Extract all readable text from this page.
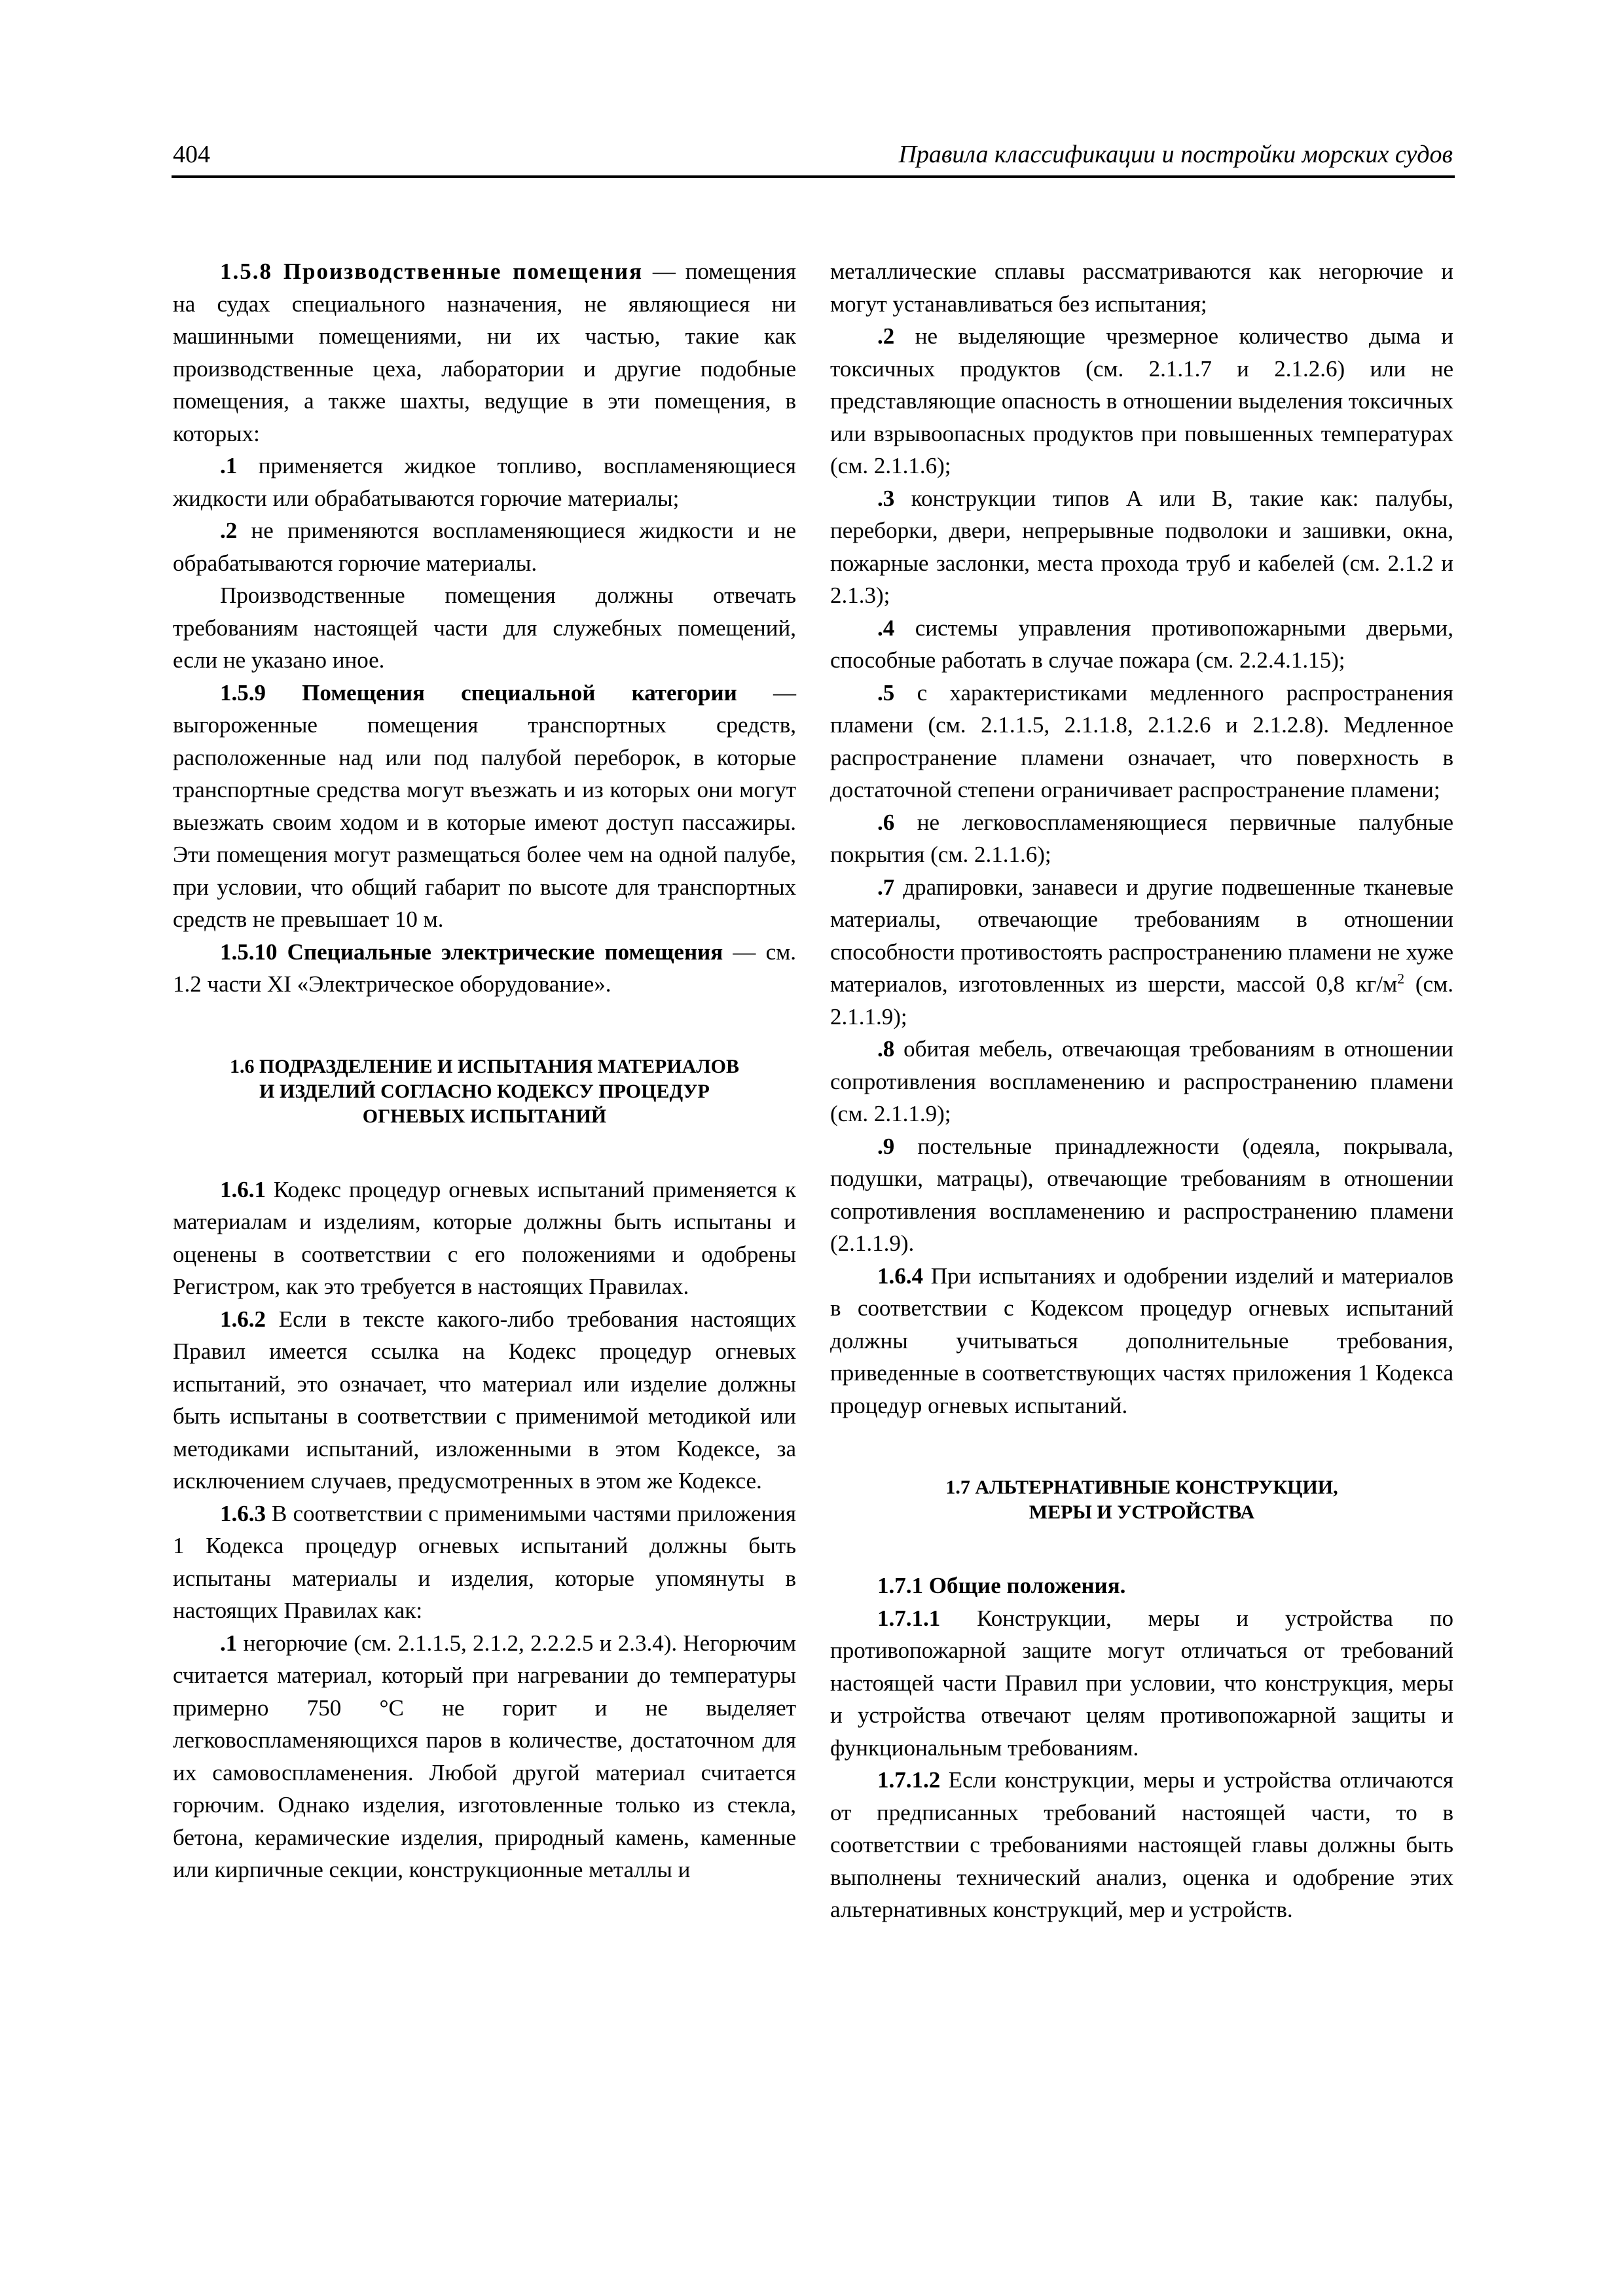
404	Правила классификации и постройки морских судов

1.5.8 Производственные помещения — помещения на судах специального назначения, не являющиеся ни машинными помещениями, ни их частью, такие как производственные цеха, лаборатории и другие подобные помещения, а также шахты, ведущие в эти помещения, в которых:

.1 применяется жидкое топливо, воспламеняющиеся жидкости или обрабатываются горючие материалы;

.2 не применяются воспламеняющиеся жидкости и не обрабатываются горючие материалы.

Производственные помещения должны отвечать требованиям настоящей части для служебных помещений, если не указано иное.

1.5.9 Помещения специальной категории — выгороженные помещения транспортных средств, расположенные над или под палубой переборок, в которые транспортные средства могут въезжать и из которых они могут выезжать своим ходом и в которые имеют доступ пассажиры. Эти помещения могут размещаться более чем на одной палубе, при условии, что общий габарит по высоте для транспортных средств не превышает 10 м.

1.5.10 Специальные электрические помещения — см. 1.2 части XI «Электрическое оборудование».

1.6 ПОДРАЗДЕЛЕНИЕ И ИСПЫТАНИЯ МАТЕРИАЛОВ
И ИЗДЕЛИЙ СОГЛАСНО КОДЕКСУ ПРОЦЕДУР
ОГНЕВЫХ ИСПЫТАНИЙ

1.6.1 Кодекс процедур огневых испытаний применяется к материалам и изделиям, которые должны быть испытаны и оценены в соответствии с его положениями и одобрены Регистром, как это требуется в настоящих Правилах.

1.6.2 Если в тексте какого-либо требования настоящих Правил имеется ссылка на Кодекс процедур огневых испытаний, это означает, что материал или изделие должны быть испытаны в соответствии с применимой методикой или методиками испытаний, изложенными в этом Кодексе, за исключением случаев, предусмотренных в этом же Кодексе.

1.6.3 В соответствии с применимыми частями приложения 1 Кодекса процедур огневых испытаний должны быть испытаны материалы и изделия, которые упомянуты в настоящих Правилах как:

.1 негорючие (см. 2.1.1.5, 2.1.2, 2.2.2.5 и 2.3.4). Негорючим считается материал, который при нагревании до температуры примерно 750 °С не горит и не выделяет легковоспламеняющихся паров в количестве, достаточном для их самовоспламенения. Любой другой материал считается горючим. Однако изделия, изготовленные только из стекла, бетона, керамические изделия, природный камень, каменные или кирпичные секции, конструкционные металлы и

металлические сплавы рассматриваются как негорючие и могут устанавливаться без испытания;

.2 не выделяющие чрезмерное количество дыма и токсичных продуктов (см. 2.1.1.7 и 2.1.2.6) или не представляющие опасность в отношении выделения токсичных или взрывоопасных продуктов при повышенных температурах (см. 2.1.1.6);

.3 конструкции типов А или В, такие как: палубы, переборки, двери, непрерывные подволоки и зашивки, окна, пожарные заслонки, места прохода труб и кабелей (см. 2.1.2 и 2.1.3);

.4 системы управления противопожарными дверьми, способные работать в случае пожара (см. 2.2.4.1.15);

.5 с характеристиками медленного распространения пламени (см. 2.1.1.5, 2.1.1.8, 2.1.2.6 и 2.1.2.8). Медленное распространение пламени означает, что поверхность в достаточной степени ограничивает распространение пламени;

.6 не легковоспламеняющиеся первичные палубные покрытия (см. 2.1.1.6);

.7 драпировки, занавеси и другие подвешенные тканевые материалы, отвечающие требованиям в отношении способности противостоять распространению пламени не хуже материалов, изготовленных из шерсти, массой 0,8 $кг/м^2$ (см. 2.1.1.9);

.8 обитая мебель, отвечающая требованиям в отношении сопротивления воспламенению и распространению пламени (см. 2.1.1.9);

.9 постельные принадлежности (одеяла, покрывала, подушки, матрацы), отвечающие требованиям в отношении сопротивления воспламенению и распространению пламени (2.1.1.9).

1.6.4 При испытаниях и одобрении изделий и материалов в соответствии с Кодексом процедур огневых испытаний должны учитываться дополнительные требования, приведенные в соответствующих частях приложения 1 Кодекса процедур огневых испытаний.

1.7 АЛЬТЕРНАТИВНЫЕ КОНСТРУКЦИИ,
МЕРЫ И УСТРОЙСТВА

1.7.1 Общие положения.

1.7.1.1 Конструкции, меры и устройства по противопожарной защите могут отличаться от требований настоящей части Правил при условии, что конструкция, меры и устройства отвечают целям противопожарной защиты и функциональным требованиям.

1.7.1.2 Если конструкции, меры и устройства отличаются от предписанных требований настоящей части, то в соответствии с требованиями настоящей главы должны быть выполнены технический анализ, оценка и одобрение этих альтернативных конструкций, мер и устройств.
